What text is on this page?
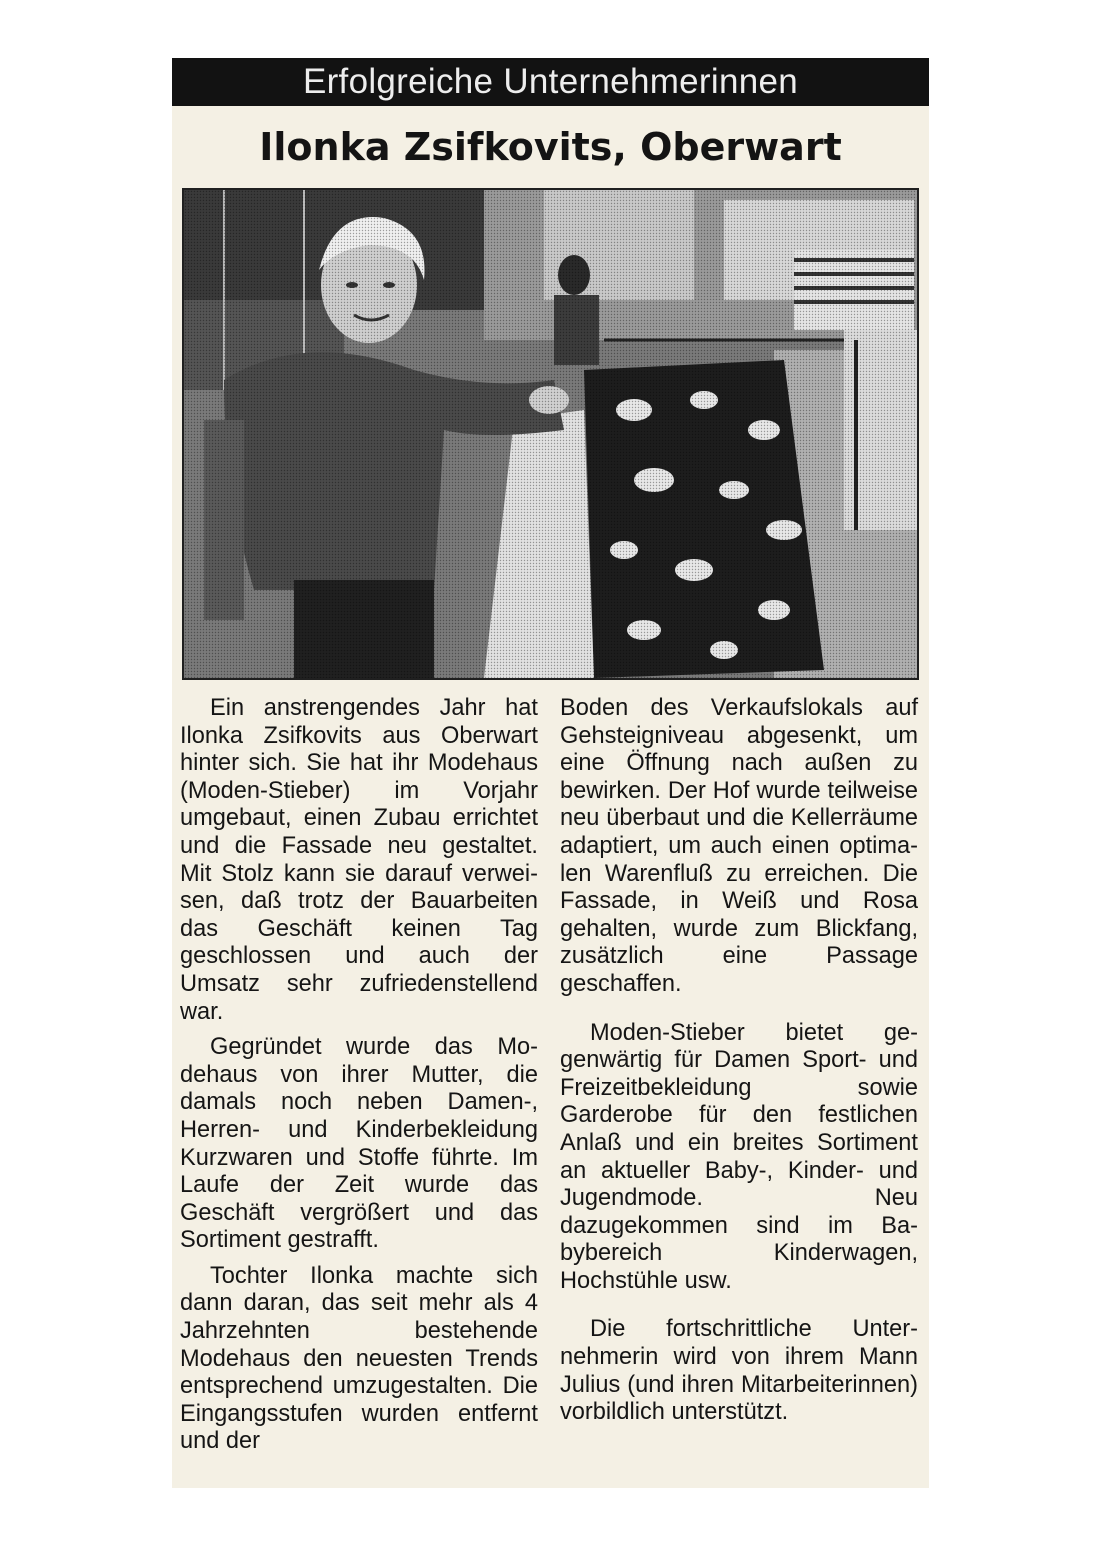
Erfolgreiche Unternehmerinnen
Ilonka Zsifkovits, Oberwart

Ein anstrengendes Jahr hat Ilonka Zsifkovits aus Oberwart hinter sich. Sie hat ihr Modehaus (Moden-Stieber) im Vorjahr umgebaut, einen Zubau errichtet und die Fassade neu gestaltet. Mit Stolz kann sie darauf verweisen, daß trotz der Bauarbeiten das Geschäft keinen Tag geschlossen und auch der Umsatz sehr zufriedenstellend war.

Gegründet wurde das Modehaus von ihrer Mutter, die damals noch neben Damen-, Herren- und Kinderbekleidung Kurzwaren und Stoffe führte. Im Laufe der Zeit wurde das Geschäft vergrößert und das Sortiment gestrafft.

Tochter Ilonka machte sich dann daran, das seit mehr als 4 Jahrzehnten bestehende Modehaus den neuesten Trends entsprechend umzugestalten. Die Eingangsstufen wurden entfernt und der

Boden des Verkaufslokals auf Gehsteigniveau abgesenkt, um eine Öffnung nach außen zu bewirken. Der Hof wurde teilweise neu überbaut und die Kellerräume adaptiert, um auch einen optimalen Warenfluß zu erreichen. Die Fassade, in Weiß und Rosa gehalten, wurde zum Blickfang, zusätzlich eine Passage geschaffen.

Moden-Stieber bietet gegenwärtig für Damen Sport- und Freizeitbekleidung sowie Garderobe für den festlichen Anlaß und ein breites Sortiment an aktueller Baby-, Kinder- und Jugendmode. Neu dazugekommen sind im Babybereich Kinderwagen, Hochstühle usw.

Die fortschrittliche Unternehmerin wird von ihrem Mann Julius (und ihren Mitarbeiterinnen) vorbildlich unterstützt.
